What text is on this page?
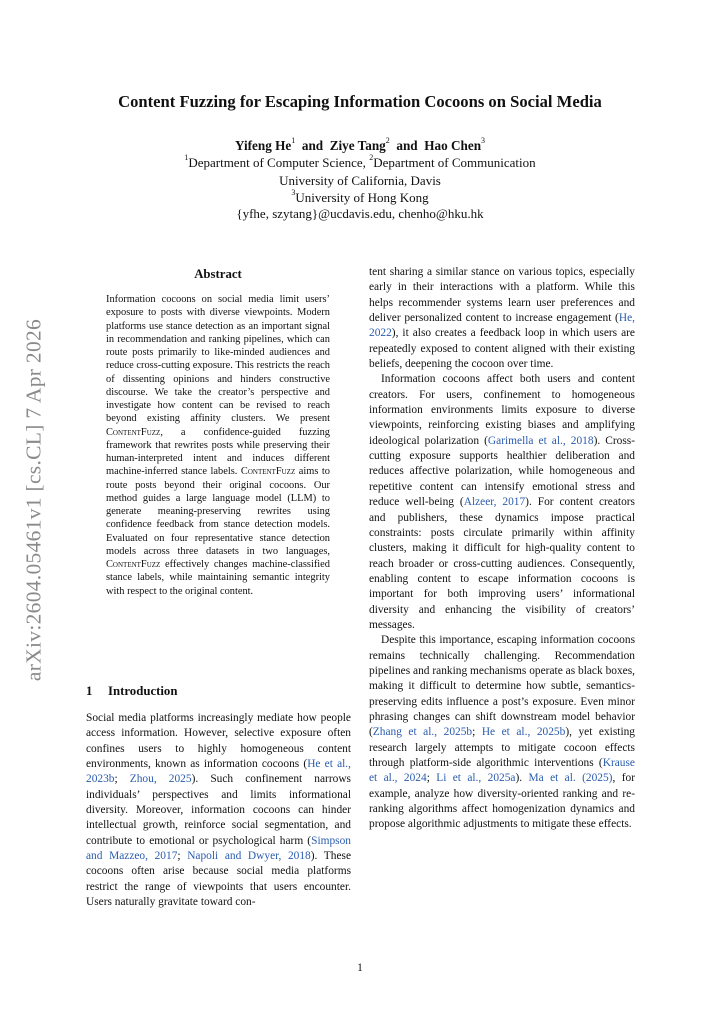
arXiv:2604.05461v1 [cs.CL] 7 Apr 2026
Content Fuzzing for Escaping Information Cocoons on Social Media
Yifeng He$^1$ and Ziye Tang$^2$ and Hao Chen$^3$
$^1$Department of Computer Science, $^2$Department of Communication
University of California, Davis
$^3$University of Hong Kong
{yfhe, szytang}@ucdavis.edu, chenho@hku.hk
Abstract
Information cocoons on social media limit users’ exposure to posts with diverse viewpoints. Modern platforms use stance detection as an important signal in recommendation and ranking pipelines, which can route posts primarily to like-minded audiences and reduce cross-cutting exposure. This restricts the reach of dissenting opinions and hinders constructive discourse. We take the creator’s perspective and investigate how content can be revised to reach beyond existing affinity clusters. We present ContentFuzz, a confidence-guided fuzzing framework that rewrites posts while preserving their human-interpreted intent and induces different machine-inferred stance labels. ContentFuzz aims to route posts beyond their original cocoons. Our method guides a large language model (LLM) to generate meaning-preserving rewrites using confidence feedback from stance detection models. Evaluated on four representative stance detection models across three datasets in two languages, ContentFuzz effectively changes machine-classified stance labels, while maintaining semantic integrity with respect to the original content.
1 Introduction
Social media platforms increasingly mediate how people access information. However, selective exposure often confines users to highly homogeneous content environments, known as information cocoons (He et al., 2023b; Zhou, 2025). Such confinement narrows individuals’ perspectives and limits informational diversity. Moreover, information cocoons can hinder intellectual growth, reinforce social segmentation, and contribute to emotional or psychological harm (Simpson and Mazzeo, 2017; Napoli and Dwyer, 2018). These cocoons often arise because social media platforms restrict the range of viewpoints that users encounter. Users naturally gravitate toward con-

tent sharing a similar stance on various topics, especially early in their interactions with a platform. While this helps recommender systems learn user preferences and deliver personalized content to increase engagement (He, 2022), it also creates a feedback loop in which users are repeatedly exposed to content aligned with their existing beliefs, deepening the cocoon over time.

Information cocoons affect both users and content creators. For users, confinement to homogeneous information environments limits exposure to diverse viewpoints, reinforcing existing biases and amplifying ideological polarization (Garimella et al., 2018). Cross-cutting exposure supports healthier deliberation and reduces affective polarization, while homogeneous and repetitive content can intensify emotional stress and reduce well-being (Alzeer, 2017). For content creators and publishers, these dynamics impose practical constraints: posts circulate primarily within affinity clusters, making it difficult for high-quality content to reach broader or cross-cutting audiences. Consequently, enabling content to escape information cocoons is important for both improving users’ informational diversity and enhancing the visibility of creators’ messages.

Despite this importance, escaping information cocoons remains technically challenging. Recommendation pipelines and ranking mechanisms operate as black boxes, making it difficult to determine how subtle, semantics-preserving edits influence a post’s exposure. Even minor phrasing changes can shift downstream model behavior (Zhang et al., 2025b; He et al., 2025b), yet existing research largely attempts to mitigate cocoon effects through platform-side algorithmic interventions (Krause et al., 2024; Li et al., 2025a). Ma et al. (2025), for example, analyze how diversity-oriented ranking and re-ranking algorithms affect homogenization dynamics and propose algorithmic adjustments to mitigate these effects.

1
